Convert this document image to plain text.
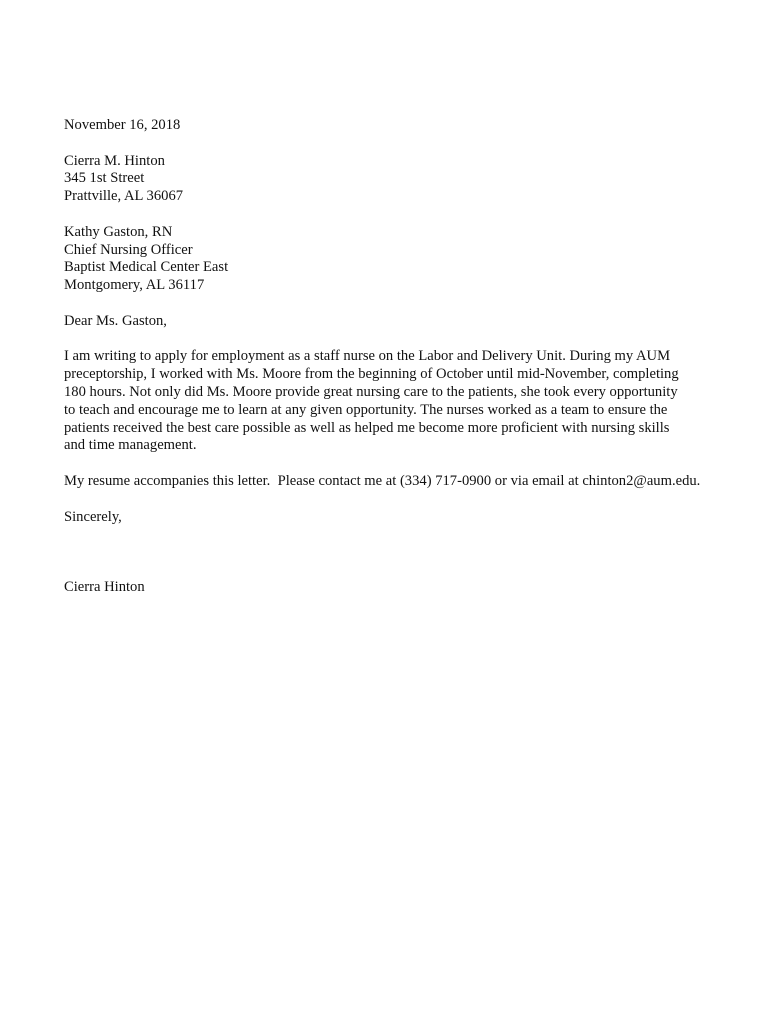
November 16, 2018
Cierra M. Hinton
345 1st Street
Prattville, AL 36067
Kathy Gaston, RN
Chief Nursing Officer
Baptist Medical Center East
Montgomery, AL 36117
Dear Ms. Gaston,
I am writing to apply for employment as a staff nurse on the Labor and Delivery Unit. During my AUM
preceptorship, I worked with Ms. Moore from the beginning of October until mid-November, completing
180 hours. Not only did Ms. Moore provide great nursing care to the patients, she took every opportunity
to teach and encourage me to learn at any given opportunity. The nurses worked as a team to ensure the
patients received the best care possible as well as helped me become more proficient with nursing skills
and time management.
My resume accompanies this letter.  Please contact me at (334) 717-0900 or via email at chinton2@aum.edu.
Sincerely,
Cierra Hinton
